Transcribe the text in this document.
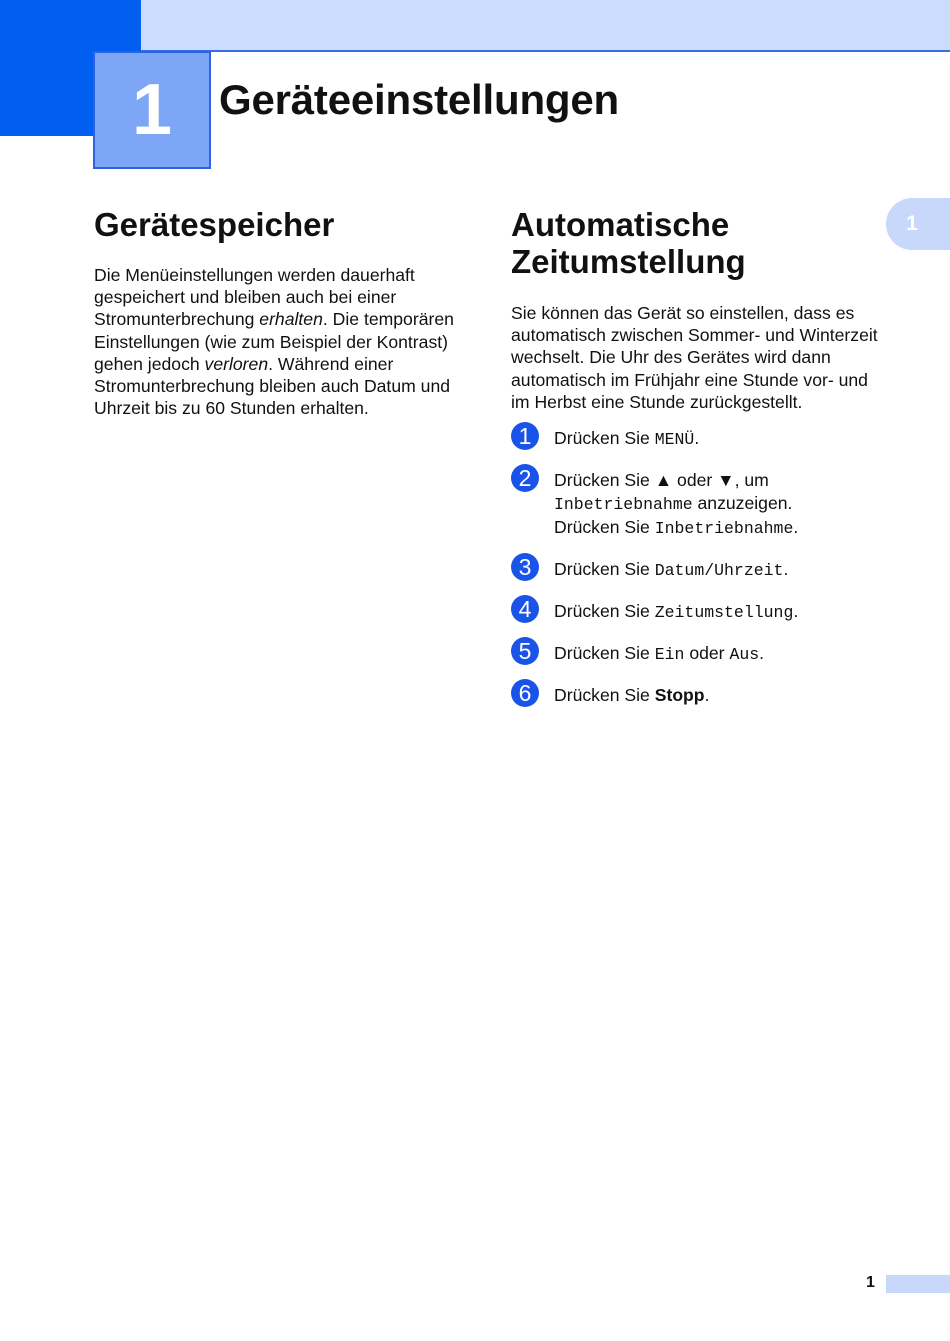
1 Geräteeinstellungen
1
Gerätespeicher

Die Menüeinstellungen werden dauerhaft gespeichert und bleiben auch bei einer Stromunterbrechung erhalten. Die temporären Einstellungen (wie zum Beispiel der Kontrast) gehen jedoch verloren. Während einer Stromunterbrechung bleiben auch Datum und Uhrzeit bis zu 60 Stunden erhalten.

Automatische
Zeitumstellung

Sie können das Gerät so einstellen, dass es automatisch zwischen Sommer- und Winterzeit wechselt. Die Uhr des Gerätes wird dann automatisch im Frühjahr eine Stunde vor- und im Herbst eine Stunde zurückgestellt.

1	Drücken Sie MENÜ.
2	Drücken Sie ▲ oder ▼, um
Inbetriebnahme anzuzeigen.
Drücken Sie Inbetriebnahme.
3	Drücken Sie Datum/Uhrzeit.
4	Drücken Sie Zeitumstellung.
5	Drücken Sie Ein oder Aus.
6	Drücken Sie Stopp.
1
